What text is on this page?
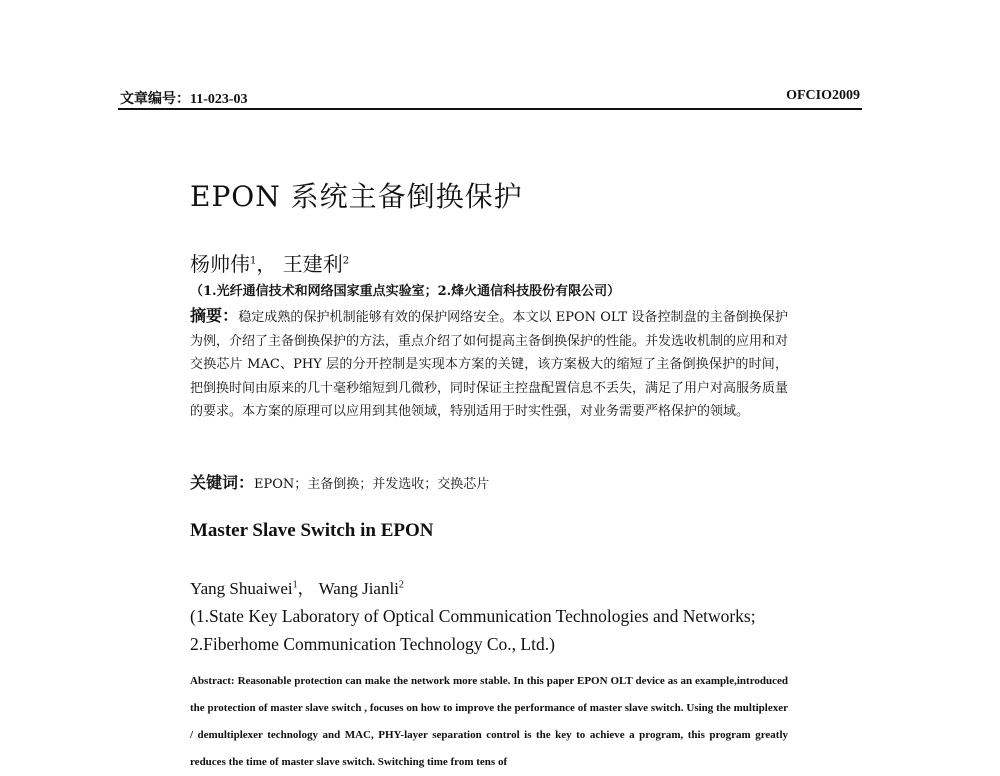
文章编号：11-023-03	OFCIO2009
EPON 系统主备倒换保护
杨帅伟$^1$， 王建利$^2$
（1.光纤通信技术和网络国家重点实验室；2.烽火通信科技股份有限公司）
摘要：稳定成熟的保护机制能够有效的保护网络安全。本文以 EPON OLT 设备控制盘的主备倒换保护为例，介绍了主备倒换保护的方法，重点介绍了如何提高主备倒换保护的性能。并发选收机制的应用和对交换芯片 MAC、PHY 层的分开控制是实现本方案的关键，该方案极大的缩短了主备倒换保护的时间，把倒换时间由原来的几十毫秒缩短到几微秒，同时保证主控盘配置信息不丢失，满足了用户对高服务质量的要求。本方案的原理可以应用到其他领域，特别适用于时实性强，对业务需要严格保护的领域。
关键词：EPON；主备倒换；并发选收；交换芯片
Master Slave Switch in EPON
Yang Shuaiwei$^1$， Wang Jianli$^2$
(1.State Key Laboratory of Optical Communication Technologies and Networks;
2.Fiberhome Communication Technology Co., Ltd.)
Abstract: Reasonable protection can make the network more stable. In this paper EPON OLT device as an example,introduced the protection of master slave switch , focuses on how to improve the performance of master slave switch. Using the multiplexer / demultiplexer technology and MAC, PHY-layer separation control is the key to achieve a program, this program greatly reduces the time of master slave switch. Switching time from tens of
